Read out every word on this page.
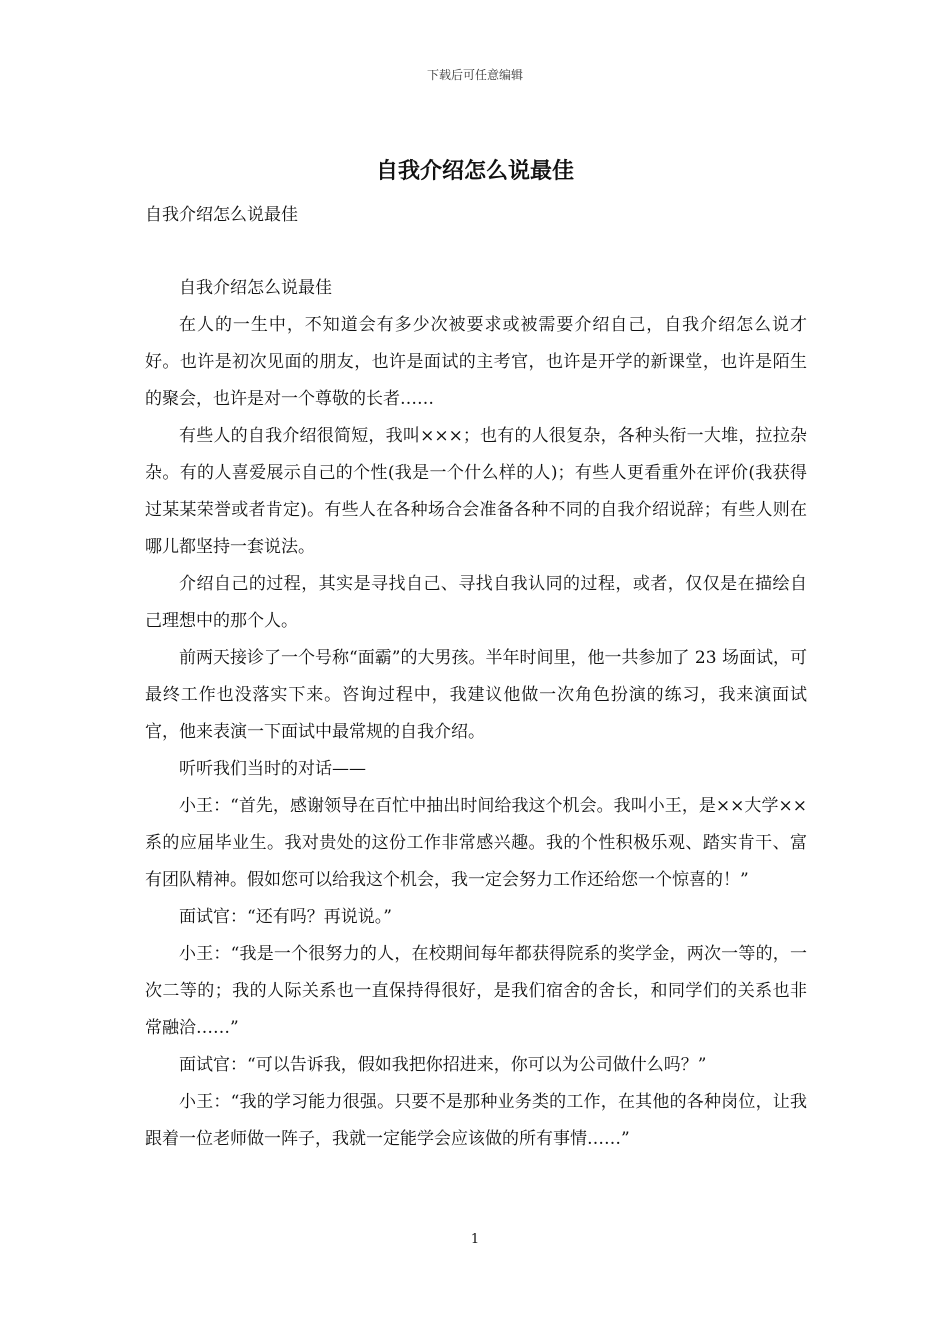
下载后可任意编辑
自我介绍怎么说最佳

自我介绍怎么说最佳

自我介绍怎么说最佳

在人的一生中，不知道会有多少次被要求或被需要介绍自己，自我介绍怎么说才好。也许是初次见面的朋友，也许是面试的主考官，也许是开学的新课堂，也许是陌生的聚会，也许是对一个尊敬的长者……

有些人的自我介绍很简短，我叫×××；也有的人很复杂，各种头衔一大堆，拉拉杂杂。有的人喜爱展示自己的个性(我是一个什么样的人)；有些人更看重外在评价(我获得过某某荣誉或者肯定)。有些人在各种场合会准备各种不同的自我介绍说辞；有些人则在哪儿都坚持一套说法。

介绍自己的过程，其实是寻找自己、寻找自我认同的过程，或者，仅仅是在描绘自己理想中的那个人。

前两天接诊了一个号称“面霸”的大男孩。半年时间里，他一共参加了 23 场面试，可最终工作也没落实下来。咨询过程中，我建议他做一次角色扮演的练习，我来演面试官，他来表演一下面试中最常规的自我介绍。

听听我们当时的对话——

小王：“首先，感谢领导在百忙中抽出时间给我这个机会。我叫小王，是××大学××系的应届毕业生。我对贵处的这份工作非常感兴趣。我的个性积极乐观、踏实肯干、富有团队精神。假如您可以给我这个机会，我一定会努力工作还给您一个惊喜的！”

面试官：“还有吗？再说说。”

小王：“我是一个很努力的人，在校期间每年都获得院系的奖学金，两次一等的，一次二等的；我的人际关系也一直保持得很好，是我们宿舍的舍长，和同学们的关系也非常融洽……”

面试官：“可以告诉我，假如我把你招进来，你可以为公司做什么吗？”

小王：“我的学习能力很强。只要不是那种业务类的工作，在其他的各种岗位，让我跟着一位老师做一阵子，我就一定能学会应该做的所有事情……”

1
